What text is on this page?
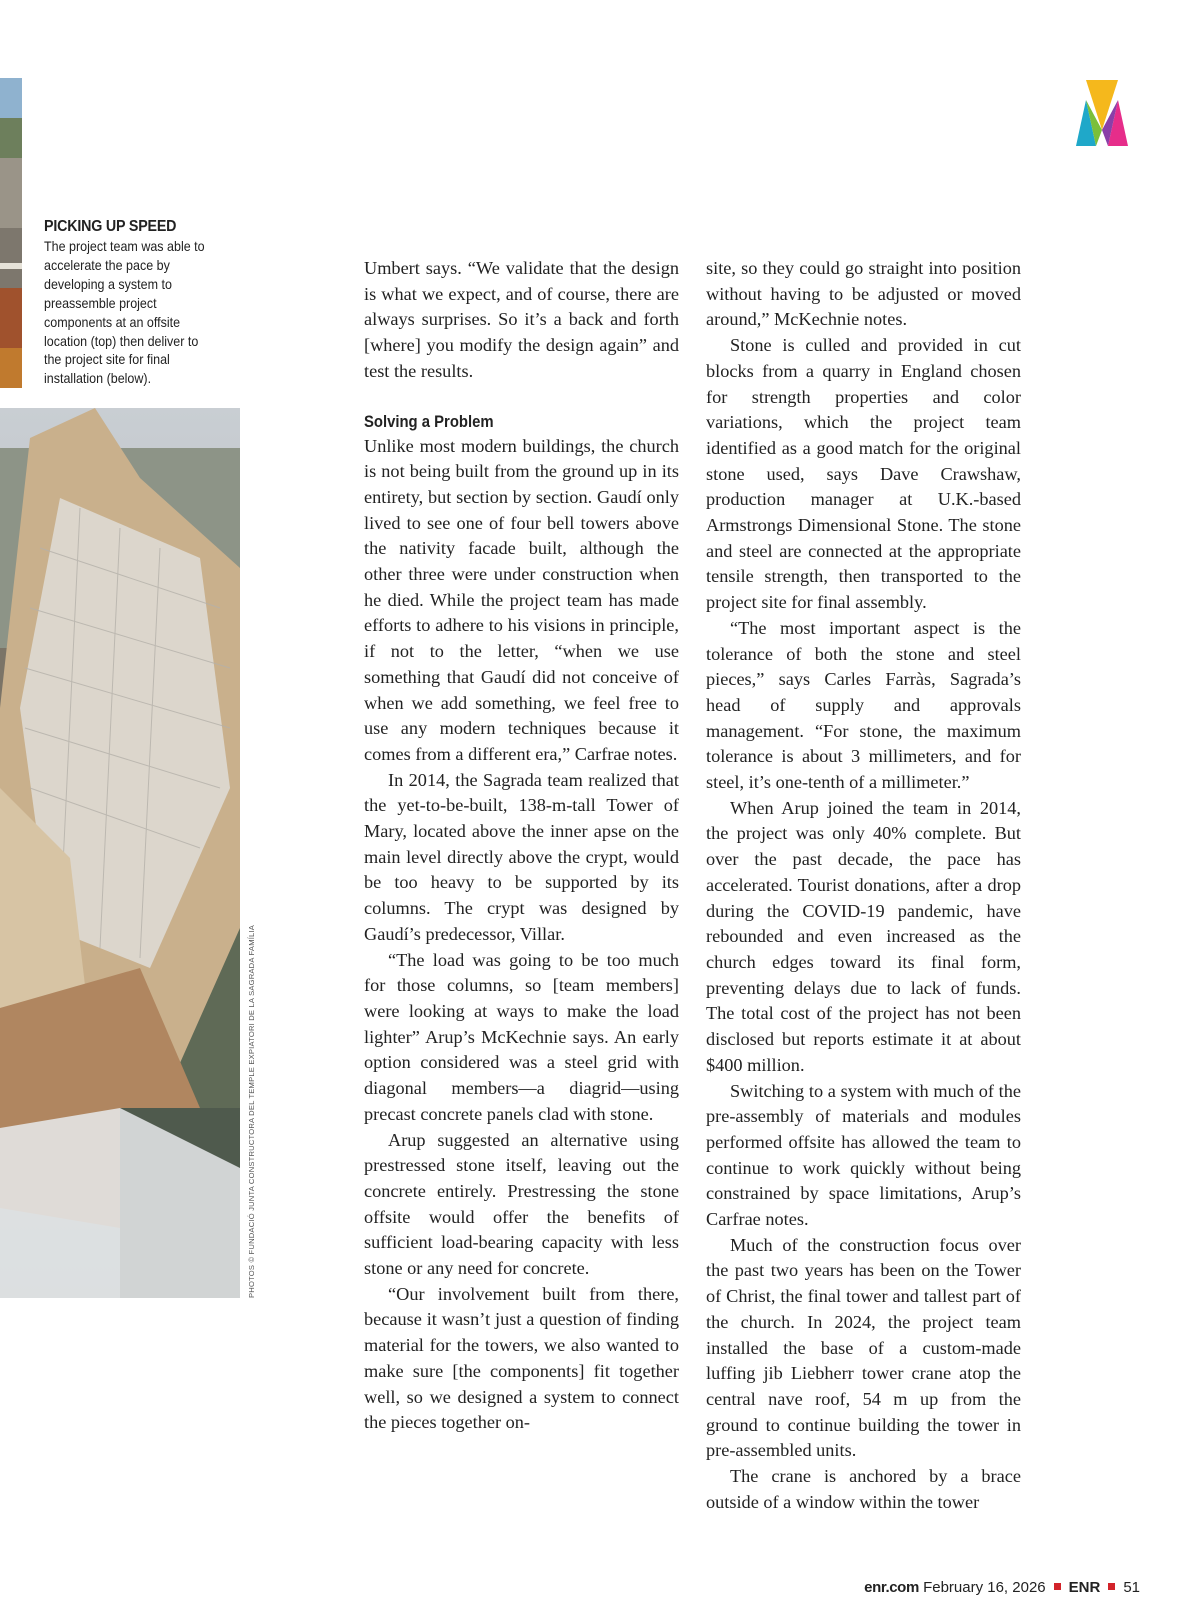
PHOTOS © FUNDACIÓ JUNTA CONSTRUCTORA DEL TEMPLE EXPIATORI DE LA SAGRADA FAMÍLIA
PICKING UP SPEED
The project team was able to accelerate the pace by developing a system to preassemble project components at an offsite location (top) then deliver to the project site for final installation (below).

Umbert says. “We validate that the design is what we expect, and of course, there are always surprises. So it’s a back and forth [where] you modify the design again” and test the results.

Solving a Problem

Unlike most modern buildings, the church is not being built from the ground up in its entirety, but section by section. Gaudí only lived to see one of four bell towers above the nativity facade built, although the other three were under construction when he died. While the project team has made efforts to adhere to his visions in principle, if not to the letter, “when we use something that Gaudí did not conceive of when we add something, we feel free to use any modern techniques because it comes from a different era,” Carfrae notes.

In 2014, the Sagrada team realized that the yet-to-be-built, 138-m-tall Tower of Mary, located above the inner apse on the main level directly above the crypt, would be too heavy to be supported by its columns. The crypt was designed by Gaudí’s predecessor, Villar.

“The load was going to be too much for those columns, so [team members] were looking at ways to make the load lighter” Arup’s McKechnie says. An early option considered was a steel grid with diagonal members—a diagrid—using precast concrete panels clad with stone.

Arup suggested an alternative using prestressed stone itself, leaving out the concrete entirely. Prestressing the stone offsite would offer the benefits of sufficient load-bearing capacity with less stone or any need for concrete.

“Our involvement built from there, because it wasn’t just a question of finding material for the towers, we also wanted to make sure [the components] fit together well, so we designed a system to connect the pieces together on-

site, so they could go straight into position without having to be adjusted or moved around,” McKechnie notes.

Stone is culled and provided in cut blocks from a quarry in England chosen for strength properties and color variations, which the project team identified as a good match for the original stone used, says Dave Crawshaw, production manager at U.K.-based Armstrongs Dimensional Stone. The stone and steel are connected at the appropriate tensile strength, then transported to the project site for final assembly.

“The most important aspect is the tolerance of both the stone and steel pieces,” says Carles Farràs, Sagrada’s head of supply and approvals management. “For stone, the maximum tolerance is about 3 millimeters, and for steel, it’s one-tenth of a millimeter.”

When Arup joined the team in 2014, the project was only 40% complete. But over the past decade, the pace has accelerated. Tourist donations, after a drop during the COVID-19 pandemic, have rebounded and even increased as the church edges toward its final form, preventing delays due to lack of funds. The total cost of the project has not been disclosed but reports estimate it at about $400 million.

Switching to a system with much of the pre-assembly of materials and modules performed offsite has allowed the team to continue to work quickly without being constrained by space limitations, Arup’s Carfrae notes.

Much of the construction focus over the past two years has been on the Tower of Christ, the final tower and tallest part of the church. In 2024, the project team installed the base of a custom-made luffing jib Liebherr tower crane atop the central nave roof, 54 m up from the ground to continue building the tower in pre-assembled units.

The crane is anchored by a brace outside of a window within the tower

enr.com February 16, 2026 ENR 51
